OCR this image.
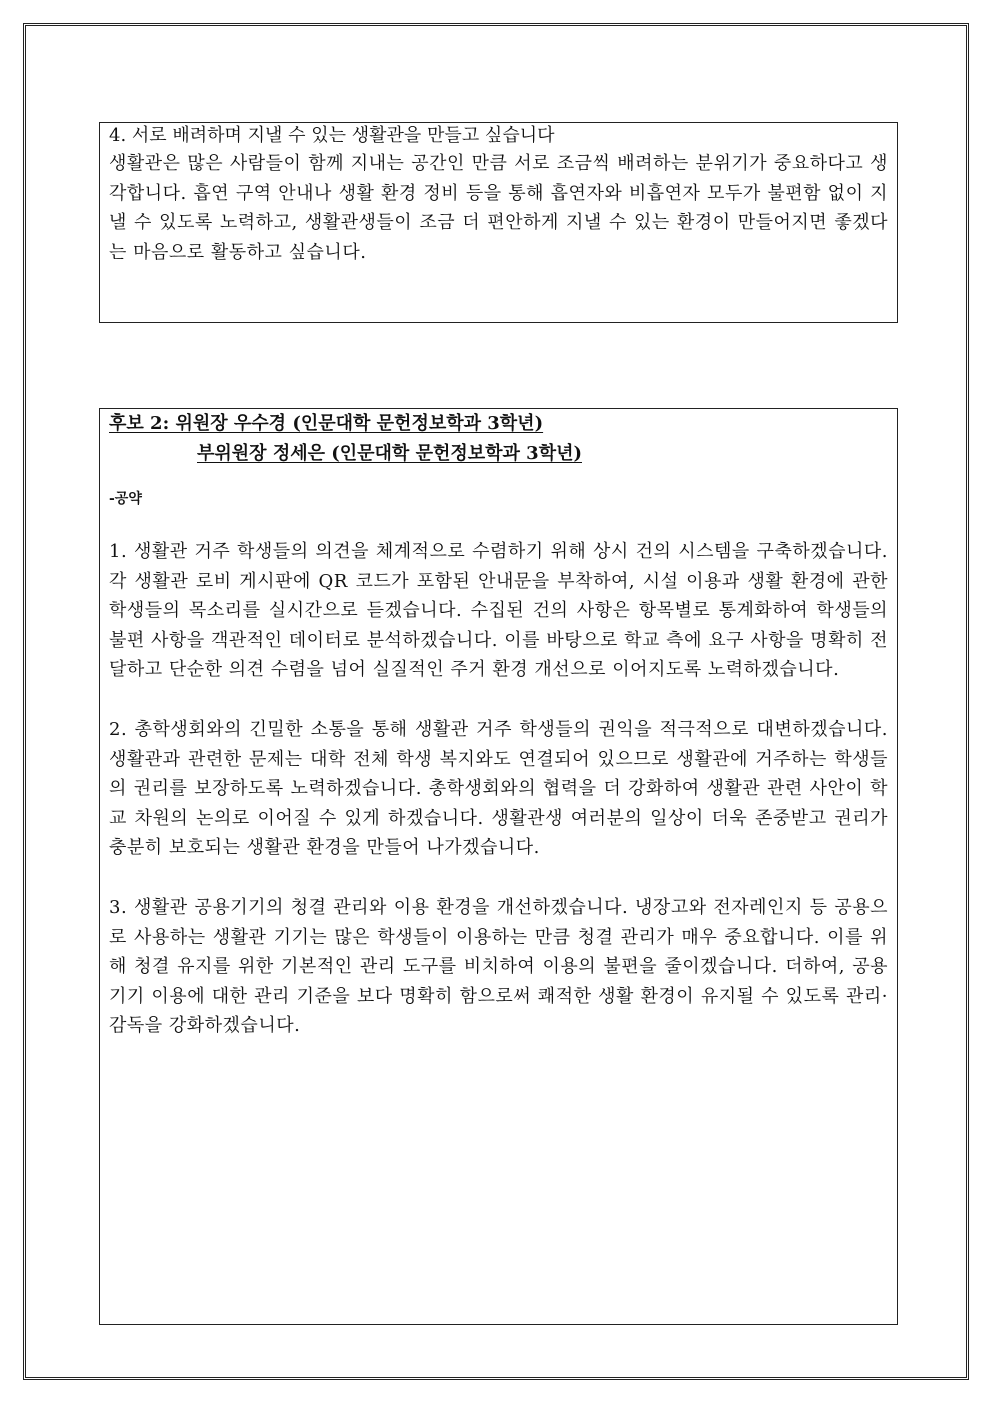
4. 서로 배려하며 지낼 수 있는 생활관을 만들고 싶습니다

생활관은 많은 사람들이 함께 지내는 공간인 만큼 서로 조금씩 배려하는 분위기가 중요하다고 생각합니다. 흡연 구역 안내나 생활 환경 정비 등을 통해 흡연자와 비흡연자 모두가 불편함 없이 지낼 수 있도록 노력하고, 생활관생들이 조금 더 편안하게 지낼 수 있는 환경이 만들어지면 좋겠다는 마음으로 활동하고 싶습니다.

후보 2: 위원장 우수경 (인문대학 문헌정보학과 3학년)

부위원장 정세은 (인문대학 문헌정보학과 3학년)

-공약

1. 생활관 거주 학생들의 의견을 체계적으로 수렴하기 위해 상시 건의 시스템을 구축하겠습니다. 각 생활관 로비 게시판에 QR 코드가 포함된 안내문을 부착하여, 시설 이용과 생활 환경에 관한 학생들의 목소리를 실시간으로 듣겠습니다. 수집된 건의 사항은 항목별로 통계화하여 학생들의 불편 사항을 객관적인 데이터로 분석하겠습니다. 이를 바탕으로 학교 측에 요구 사항을 명확히 전달하고 단순한 의견 수렴을 넘어 실질적인 주거 환경 개선으로 이어지도록 노력하겠습니다.

2. 총학생회와의 긴밀한 소통을 통해 생활관 거주 학생들의 권익을 적극적으로 대변하겠습니다. 생활관과 관련한 문제는 대학 전체 학생 복지와도 연결되어 있으므로 생활관에 거주하는 학생들의 권리를 보장하도록 노력하겠습니다. 총학생회와의 협력을 더 강화하여 생활관 관련 사안이 학교 차원의 논의로 이어질 수 있게 하겠습니다. 생활관생 여러분의 일상이 더욱 존중받고 권리가 충분히 보호되는 생활관 환경을 만들어 나가겠습니다.

3. 생활관 공용기기의 청결 관리와 이용 환경을 개선하겠습니다. 냉장고와 전자레인지 등 공용으로 사용하는 생활관 기기는 많은 학생들이 이용하는 만큼 청결 관리가 매우 중요합니다. 이를 위해 청결 유지를 위한 기본적인 관리 도구를 비치하여 이용의 불편을 줄이겠습니다. 더하여, 공용기기 이용에 대한 관리 기준을 보다 명확히 함으로써 쾌적한 생활 환경이 유지될 수 있도록 관리·감독을 강화하겠습니다.
